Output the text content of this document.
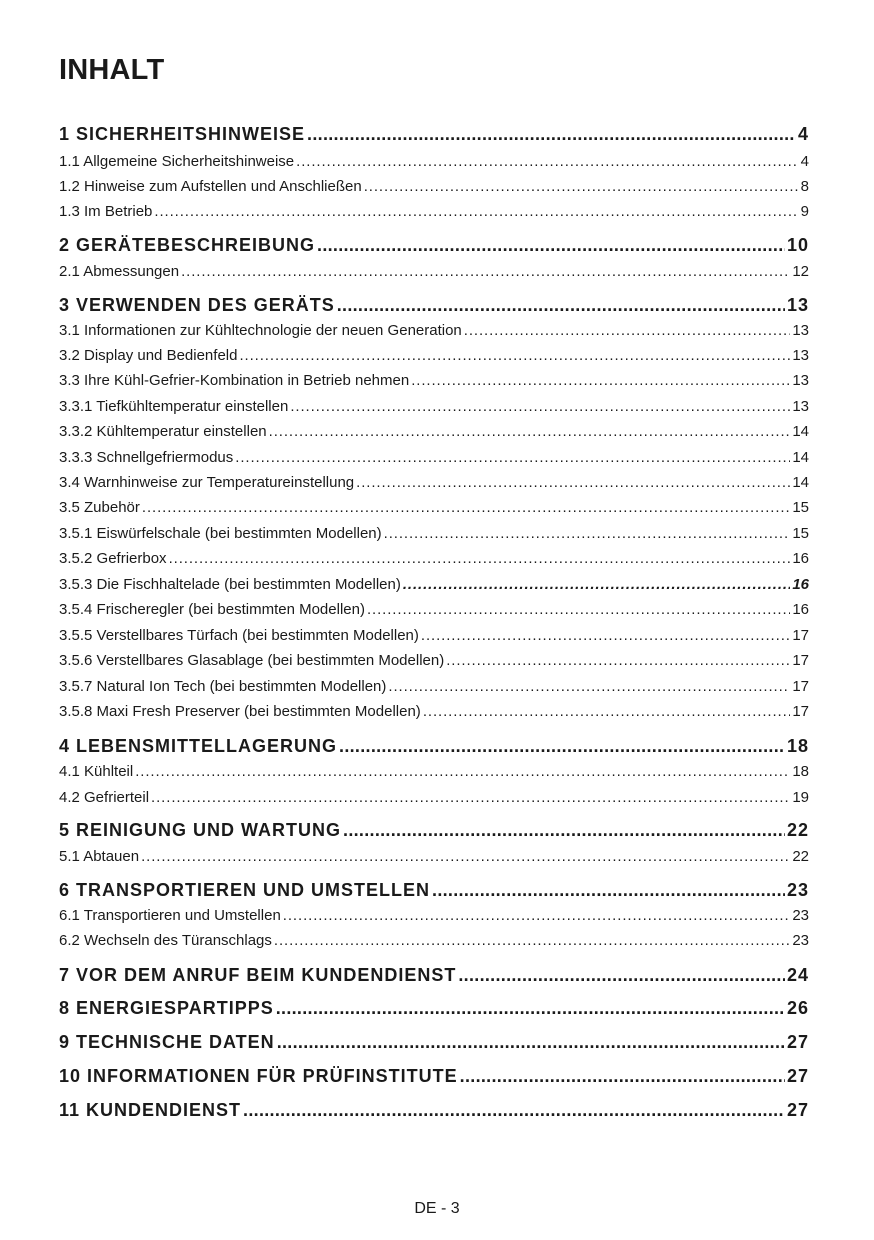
INHALT
1 SICHERHEITSHINWEISE .....	4
1.1 Allgemeine Sicherheitshinweise .....	4
1.2 Hinweise zum Aufstellen und Anschließen .....	8
1.3 Im Betrieb .....	9
2 GERÄTEBESCHREIBUNG .....	10
2.1 Abmessungen .....	12
3 VERWENDEN DES GERÄTS .....	13
3.1 Informationen zur Kühltechnologie der neuen Generation .....	13
3.2 Display und Bedienfeld .....	13
3.3 Ihre Kühl-Gefrier-Kombination in Betrieb nehmen .....	13
3.3.1 Tiefkühltemperatur einstellen .....	13
3.3.2 Kühltemperatur einstellen .....	14
3.3.3 Schnellgefriermodus .....	14
3.4 Warnhinweise zur Temperatureinstellung .....	14
3.5 Zubehör .....	15
3.5.1 Eiswürfelschale (bei bestimmten Modellen) .....	15
3.5.2 Gefrierbox .....	16
3.5.3 Die Fischhaltelade (bei bestimmten Modellen) .....	16
3.5.4 Frischeregler (bei bestimmten Modellen) .....	16
3.5.5 Verstellbares Türfach (bei bestimmten Modellen) .....	17
3.5.6 Verstellbares Glasablage (bei bestimmten Modellen) .....	17
3.5.7 Natural Ion Tech (bei bestimmten Modellen) .....	17
3.5.8 Maxi Fresh Preserver (bei bestimmten Modellen) .....	17
4 LEBENSMITTELLAGERUNG .....	18
4.1 Kühlteil .....	18
4.2 Gefrierteil .....	19
5 REINIGUNG UND WARTUNG .....	22
5.1 Abtauen .....	22
6 TRANSPORTIEREN UND UMSTELLEN .....	23
6.1 Transportieren und Umstellen .....	23
6.2 Wechseln des Türanschlags .....	23
7 VOR DEM ANRUF BEIM KUNDENDIENST .....	24
8 ENERGIESPARTIPPS .....	26
9 TECHNISCHE DATEN .....	27
10 INFORMATIONEN FÜR PRÜFINSTITUTE .....	27
11 KUNDENDIENST .....	27
DE - 3
